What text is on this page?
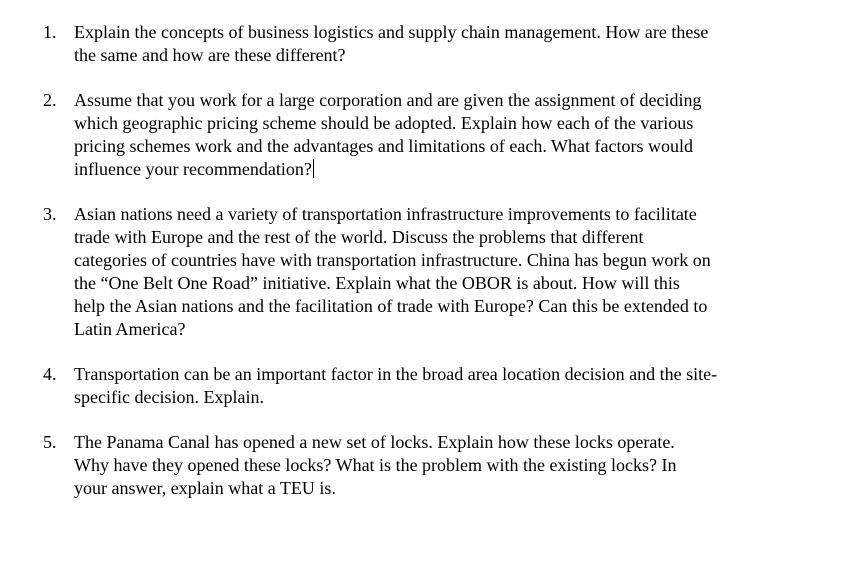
1. Explain the concepts of business logistics and supply chain management. How are these
the same and how are these different?
2. Assume that you work for a large corporation and are given the assignment of deciding
which geographic pricing scheme should be adopted. Explain how each of the various
pricing schemes work and the advantages and limitations of each. What factors would
influence your recommendation?
3. Asian nations need a variety of transportation infrastructure improvements to facilitate
trade with Europe and the rest of the world. Discuss the problems that different
categories of countries have with transportation infrastructure. China has begun work on
the “One Belt One Road” initiative. Explain what the OBOR is about. How will this
help the Asian nations and the facilitation of trade with Europe? Can this be extended to
Latin America?
4. Transportation can be an important factor in the broad area location decision and the site-
specific decision. Explain.
5. The Panama Canal has opened a new set of locks. Explain how these locks operate.
Why have they opened these locks? What is the problem with the existing locks? In
your answer, explain what a TEU is.
